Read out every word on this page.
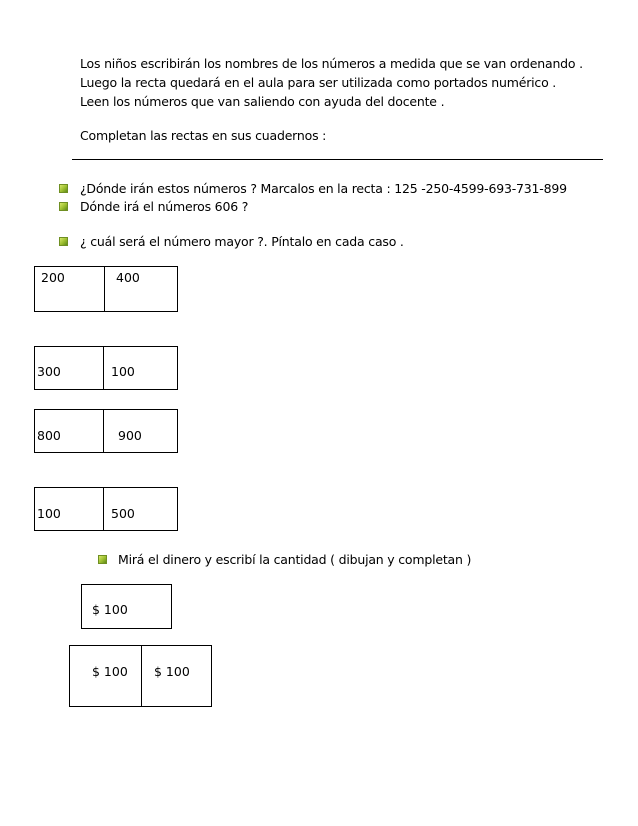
Los niños escribirán los nombres de los números a medida que se van ordenando .
Luego la recta quedará en el aula para ser utilizada como portados numérico .
Leen los números que van saliendo con ayuda del docente .
Completan las rectas en sus cuadernos :
¿Dónde irán estos números ? Marcalos en la recta : 125 -250-4599-693-731-899
Dónde irá el números 606 ?
¿ cuál será el número mayor ?. Píntalo en cada caso .
200	400
300	100
800	900
100	500
Mirá el dinero y escribí la cantidad ( dibujan y completan )
$ 100
$ 100 $ 100
